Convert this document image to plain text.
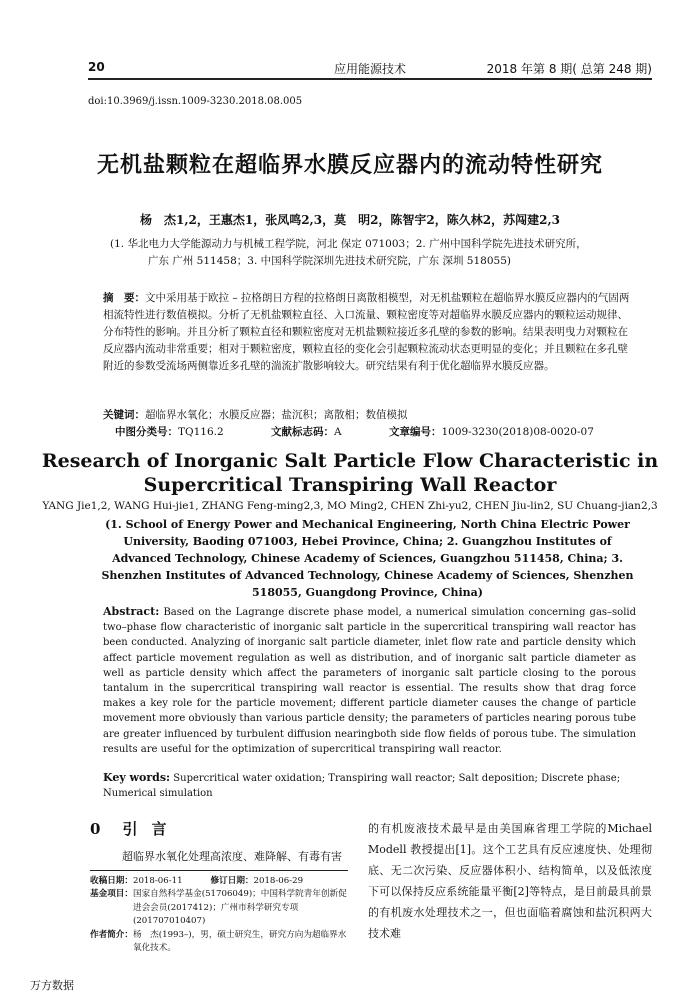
20	应用能源技术	2018 年第 8 期( 总第 248 期)
doi:10.3969/j.issn.1009-3230.2018.08.005
无机盐颗粒在超临界水膜反应器内的流动特性研究
杨　杰1,2，王惠杰1，张凤鸣2,3，莫　明2，陈智宇2，陈久林2，苏闯建2,3
(1. 华北电力大学能源动力与机械工程学院，河北 保定 071003；2. 广州中国科学院先进技术研究所，
广东 广州 511458；3. 中国科学院深圳先进技术研究院，广东 深圳 518055)
摘　要：文中采用基于欧拉 – 拉格朗日方程的拉格朗日离散相模型，对无机盐颗粒在超临界水膜反应器内的气固两相流特性进行数值模拟。分析了无机盐颗粒直径、入口流量、颗粒密度等对超临界水膜反应器内的颗粒运动规律、分布特性的影响。并且分析了颗粒直径和颗粒密度对无机盐颗粒接近多孔壁的参数的影响。结果表明曳力对颗粒在反应器内流动非常重要；相对于颗粒密度，颗粒直径的变化会引起颗粒流动状态更明显的变化；并且颗粒在多孔壁附近的参数受流场两侧靠近多孔壁的湍流扩散影响较大。研究结果有利于优化超临界水膜反应器。
关键词：超临界水氧化；水膜反应器；盐沉积；离散相；数值模拟
中图分类号：TQ116.2	文献标志码：A	文章编号：1009-3230(2018)08-0020-07
Research of Inorganic Salt Particle Flow Characteristic in Supercritical Transpiring Wall Reactor
YANG Jie1,2, WANG Hui-jie1, ZHANG Feng-ming2,3, MO Ming2, CHEN Zhi-yu2, CHEN Jiu-lin2, SU Chuang-jian2,3
(1. School of Energy Power and Mechanical Engineering, North China Electric Power University, Baoding 071003, Hebei Province, China; 2. Guangzhou Institutes of Advanced Technology, Chinese Academy of Sciences, Guangzhou 511458, China; 3. Shenzhen Institutes of Advanced Technology, Chinese Academy of Sciences, Shenzhen 518055, Guangdong Province, China)
Abstract: Based on the Lagrange discrete phase model, a numerical simulation concerning gas–solid two–phase flow characteristic of inorganic salt particle in the supercritical transpiring wall reactor has been conducted. Analyzing of inorganic salt particle diameter, inlet flow rate and particle density which affect particle movement regulation as well as distribution, and of inorganic salt particle diameter as well as particle density which affect the parameters of inorganic salt particle closing to the porous tantalum in the supercritical transpiring wall reactor is essential. The results show that drag force makes a key role for the particle movement; different particle diameter causes the change of particle movement more obviously than various particle density; the parameters of particles nearing porous tube are greater influenced by turbulent diffusion nearingboth side flow fields of porous tube. The simulation results are useful for the optimization of supercritical transpiring wall reactor.
Key words: Supercritical water oxidation; Transpiring wall reactor; Salt deposition; Discrete phase; Numerical simulation
0 引言
超临界水氧化处理高浓度、难降解、有毒有害
收稿日期： 2018-06-11	修订日期： 2018-06-29
基金项目： 国家自然科学基金(51706049)；中国科学院青年创新促进会会员(2017412)；广州市科学研究专项(201707010407)
作者简介： 杨　杰(1993–)，男，硕士研究生，研究方向为超临界水氧化技术。
的有机废液技术最早是由美国麻省理工学院的Michael Modell 教授提出[1]。这个工艺具有反应速度快、处理彻底、无二次污染、反应器体积小、结构简单，以及低浓度下可以保持反应系统能量平衡[2]等特点，是目前最具前景的有机废水处理技术之一，但也面临着腐蚀和盐沉积两大技术难
万方数据
